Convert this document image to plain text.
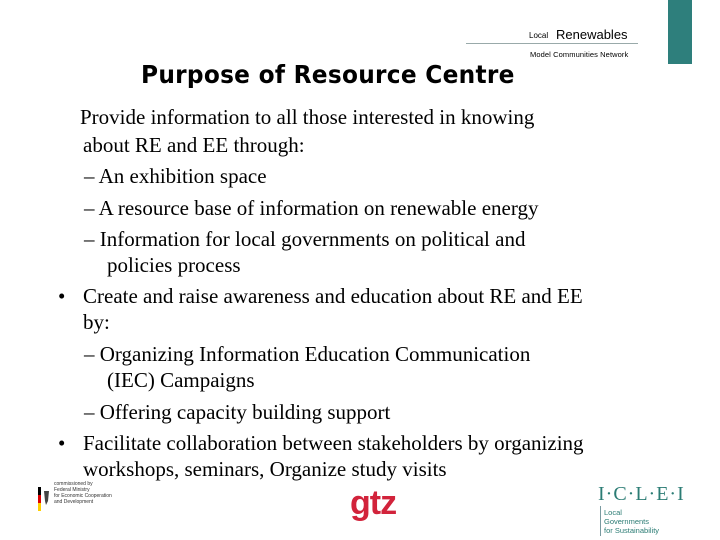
Local Renewables
Model Communities Network
Purpose of Resource Centre
Provide information to all those interested in knowing
about RE and EE through:
– An exhibition space
– A resource base of information on renewable energy
– Information for local governments on political and
policies process
• Create and raise awareness and education about RE and EE
by:
– Organizing Information Education Communication
(IEC) Campaigns
– Offering capacity building support
• Facilitate collaboration between stakeholders by organizing
workshops, seminars, Organize study visits
commissioned by
Federal Ministry
for Economic Cooperation
and Development	gtz	I·C·L·E·I
Local
Governments
for Sustainability
